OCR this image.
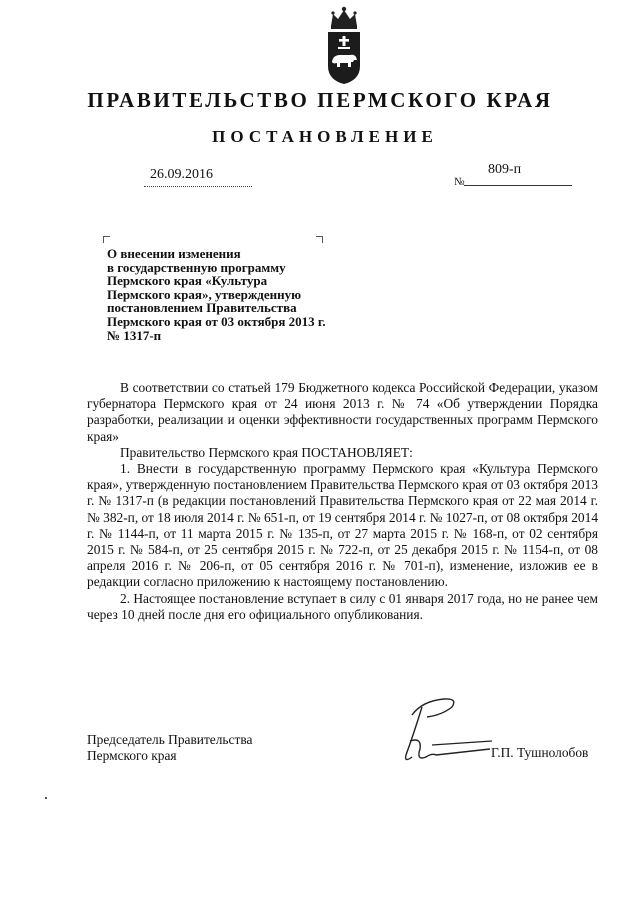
ПРАВИТЕЛЬСТВО ПЕРМСКОГО КРАЯ
ПОСТАНОВЛЕНИЕ
26.09.2016	809-п
№
О внесении изменения
в государственную программу
Пермского края «Культура
Пермского края», утвержденную
постановлением Правительства
Пермского края от 03 октября 2013 г.
№ 1317-п

В соответствии со статьей 179 Бюджетного кодекса Российской Федерации, указом губернатора Пермского края от 24 июня 2013 г. № 74 «Об утверждении Порядка разработки, реализации и оценки эффективности государственных программ Пермского края»

Правительство Пермского края ПОСТАНОВЛЯЕТ:

1. Внести в государственную программу Пермского края «Культура Пермского края», утвержденную постановлением Правительства Пермского края от 03 октября 2013 г. № 1317-п (в редакции постановлений Правительства Пермского края от 22 мая 2014 г. № 382-п, от 18 июля 2014 г. № 651-п, от 19 сентября 2014 г. № 1027-п, от 08 октября 2014 г. № 1144-п, от 11 марта 2015 г. № 135-п, от 27 марта 2015 г. № 168-п, от 02 сентября 2015 г. № 584-п, от 25 сентября 2015 г. № 722-п, от 25 декабря 2015 г. № 1154-п, от 08 апреля 2016 г. № 206-п, от 05 сентября 2016 г. № 701-п), изменение, изложив ее в редакции согласно приложению к настоящему постановлению.

2. Настоящее постановление вступает в силу с 01 января 2017 года, но не ранее чем через 10 дней после дня его официального опубликования.

Председатель Правительства
Пермского края	Г.П. Тушнолобов
